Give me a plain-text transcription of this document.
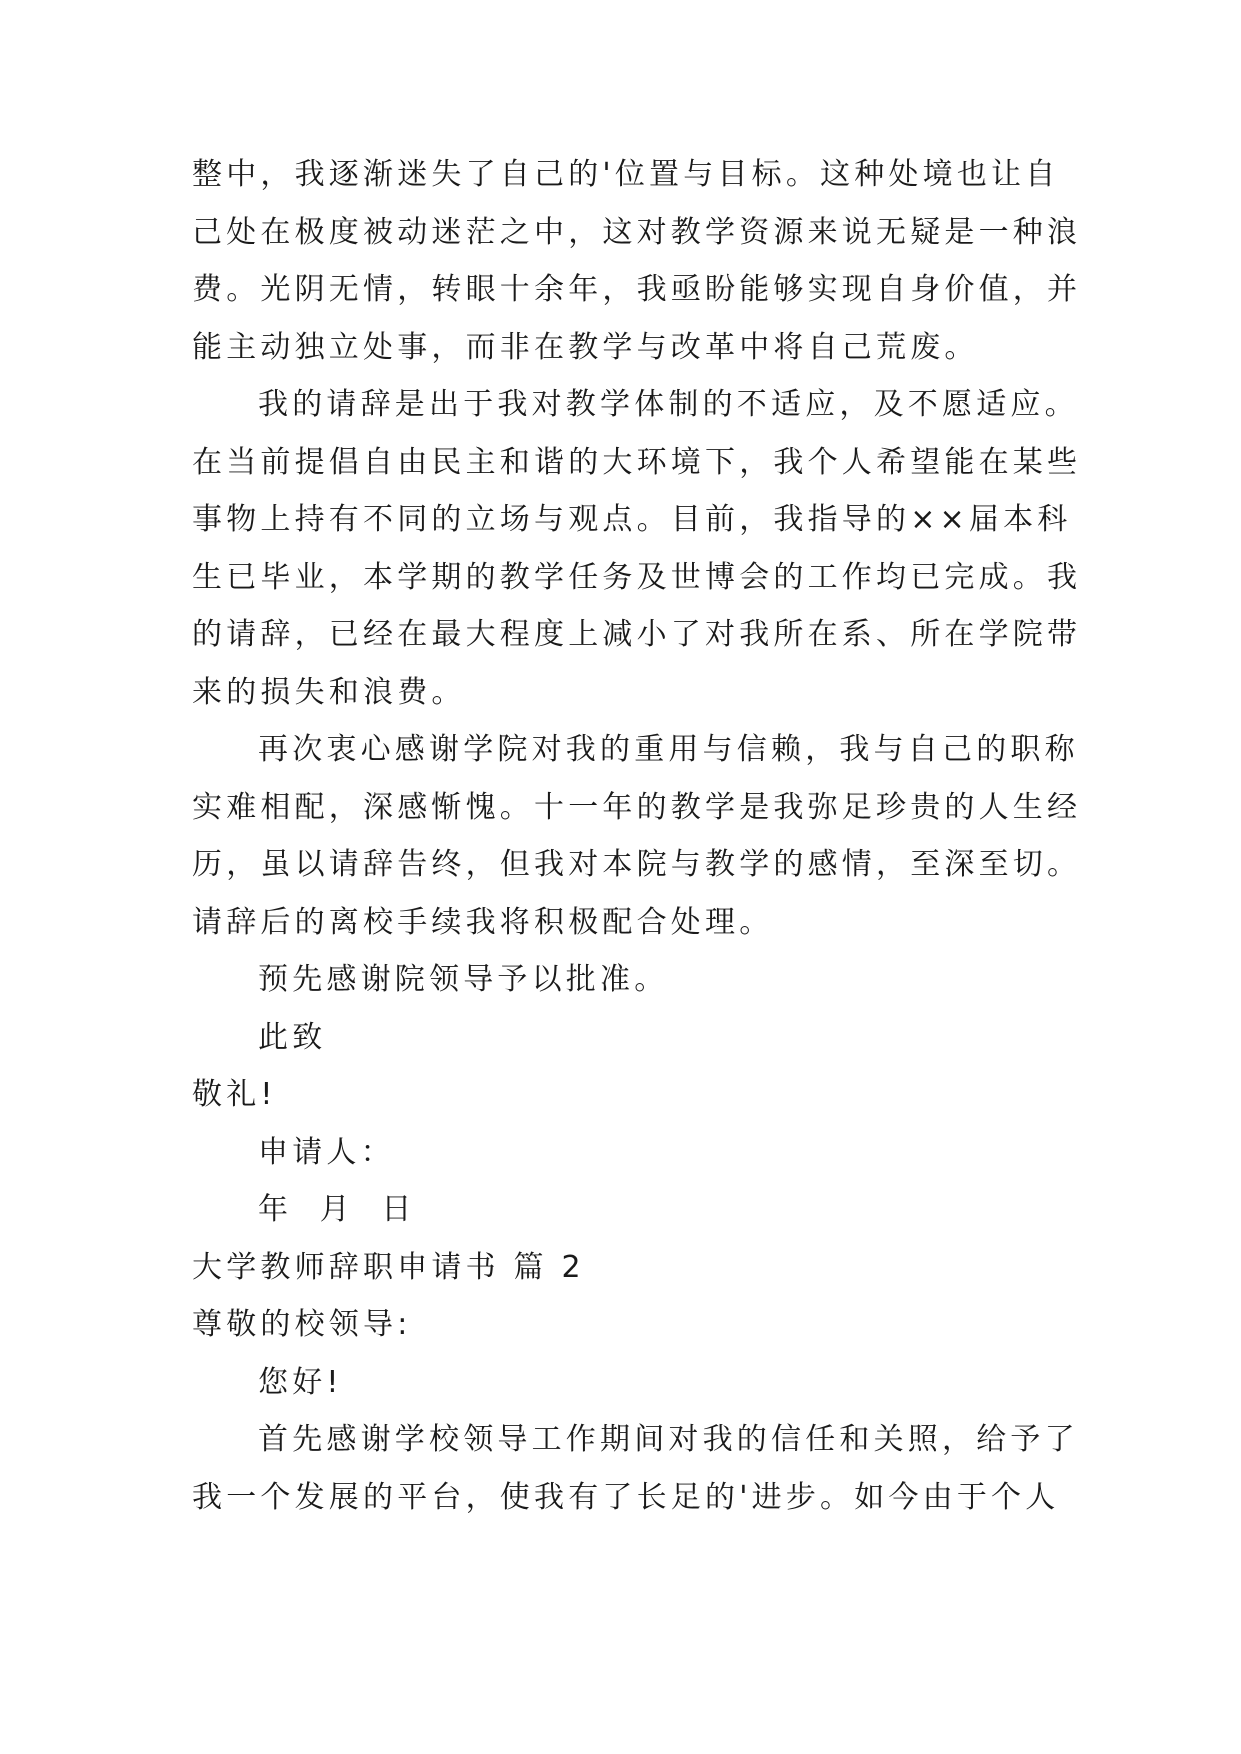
整中，我逐渐迷失了自己的'位置与目标。这种处境也让自
己处在极度被动迷茫之中，这对教学资源来说无疑是一种浪
费。光阴无情，转眼十余年，我亟盼能够实现自身价值，并
能主动独立处事，而非在教学与改革中将自己荒废。
我的请辞是出于我对教学体制的不适应，及不愿适应。
在当前提倡自由民主和谐的大环境下，我个人希望能在某些
事物上持有不同的立场与观点。目前，我指导的××届本科
生已毕业，本学期的教学任务及世博会的工作均已完成。我
的请辞，已经在最大程度上减小了对我所在系、所在学院带
来的损失和浪费。
再次衷心感谢学院对我的重用与信赖，我与自己的职称
实难相配，深感惭愧。十一年的教学是我弥足珍贵的人生经
历，虽以请辞告终，但我对本院与教学的感情，至深至切。
请辞后的离校手续我将积极配合处理。
预先感谢院领导予以批准。
此致
敬礼!
申请人：
年  月  日
大学教师辞职申请书 篇 2
尊敬的校领导:
您好!
首先感谢学校领导工作期间对我的信任和关照，给予了
我一个发展的平台，使我有了长足的'进步。如今由于个人
